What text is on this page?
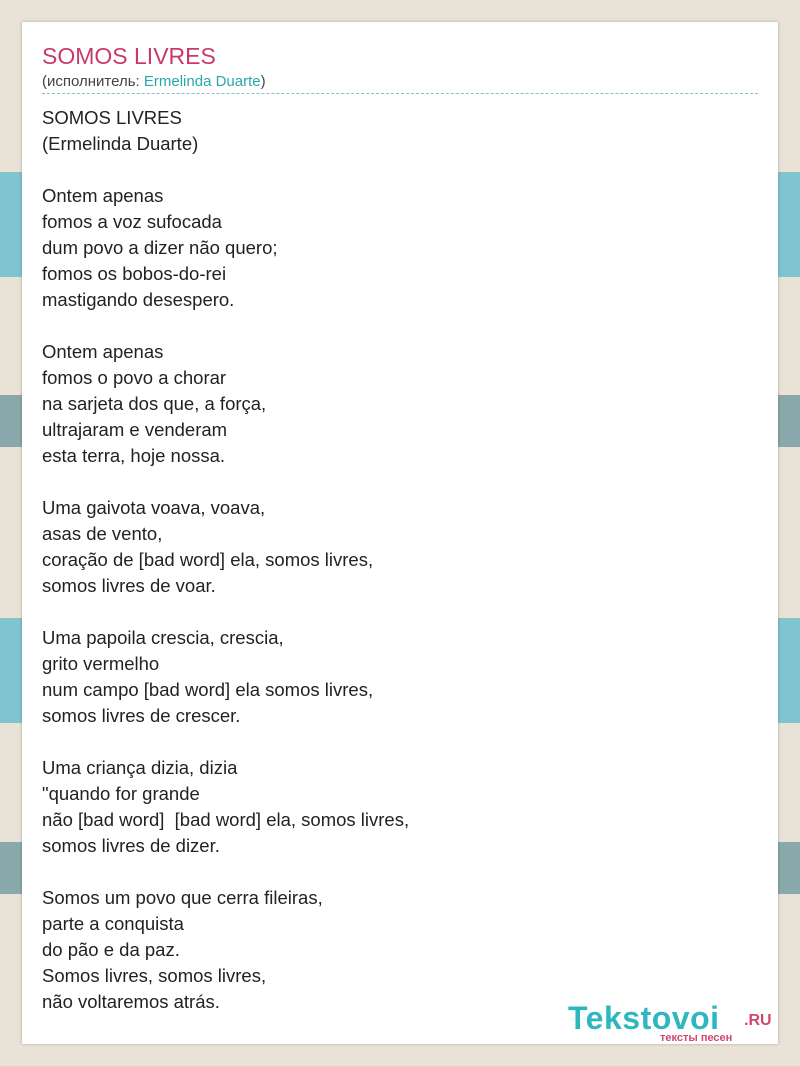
SOMOS LIVRES
(исполнитель: Ermelinda Duarte)
SOMOS LIVRES
(Ermelinda Duarte)

Ontem apenas
fomos a voz sufocada
dum povo a dizer não quero;
fomos os bobos-do-rei
mastigando desespero.

Ontem apenas
fomos o povo a chorar
na sarjeta dos que, a força,
ultrajaram e venderam
esta terra, hoje nossa.

Uma gaivota voava, voava,
asas de vento,
coração de [bad word] ela, somos livres,
somos livres de voar.

Uma papoila crescia, crescia,
grito vermelho
num campo [bad word] ela somos livres,
somos livres de crescer.

Uma criança dizia, dizia
"quando for grande
não [bad word]  [bad word] ela, somos livres,
somos livres de dizer.

Somos um povo que cerra fileiras,
parte a conquista
do pão e da paz.
Somos livres, somos livres,
não voltaremos atrás.	Tekstovoi .RU
тексты песен
